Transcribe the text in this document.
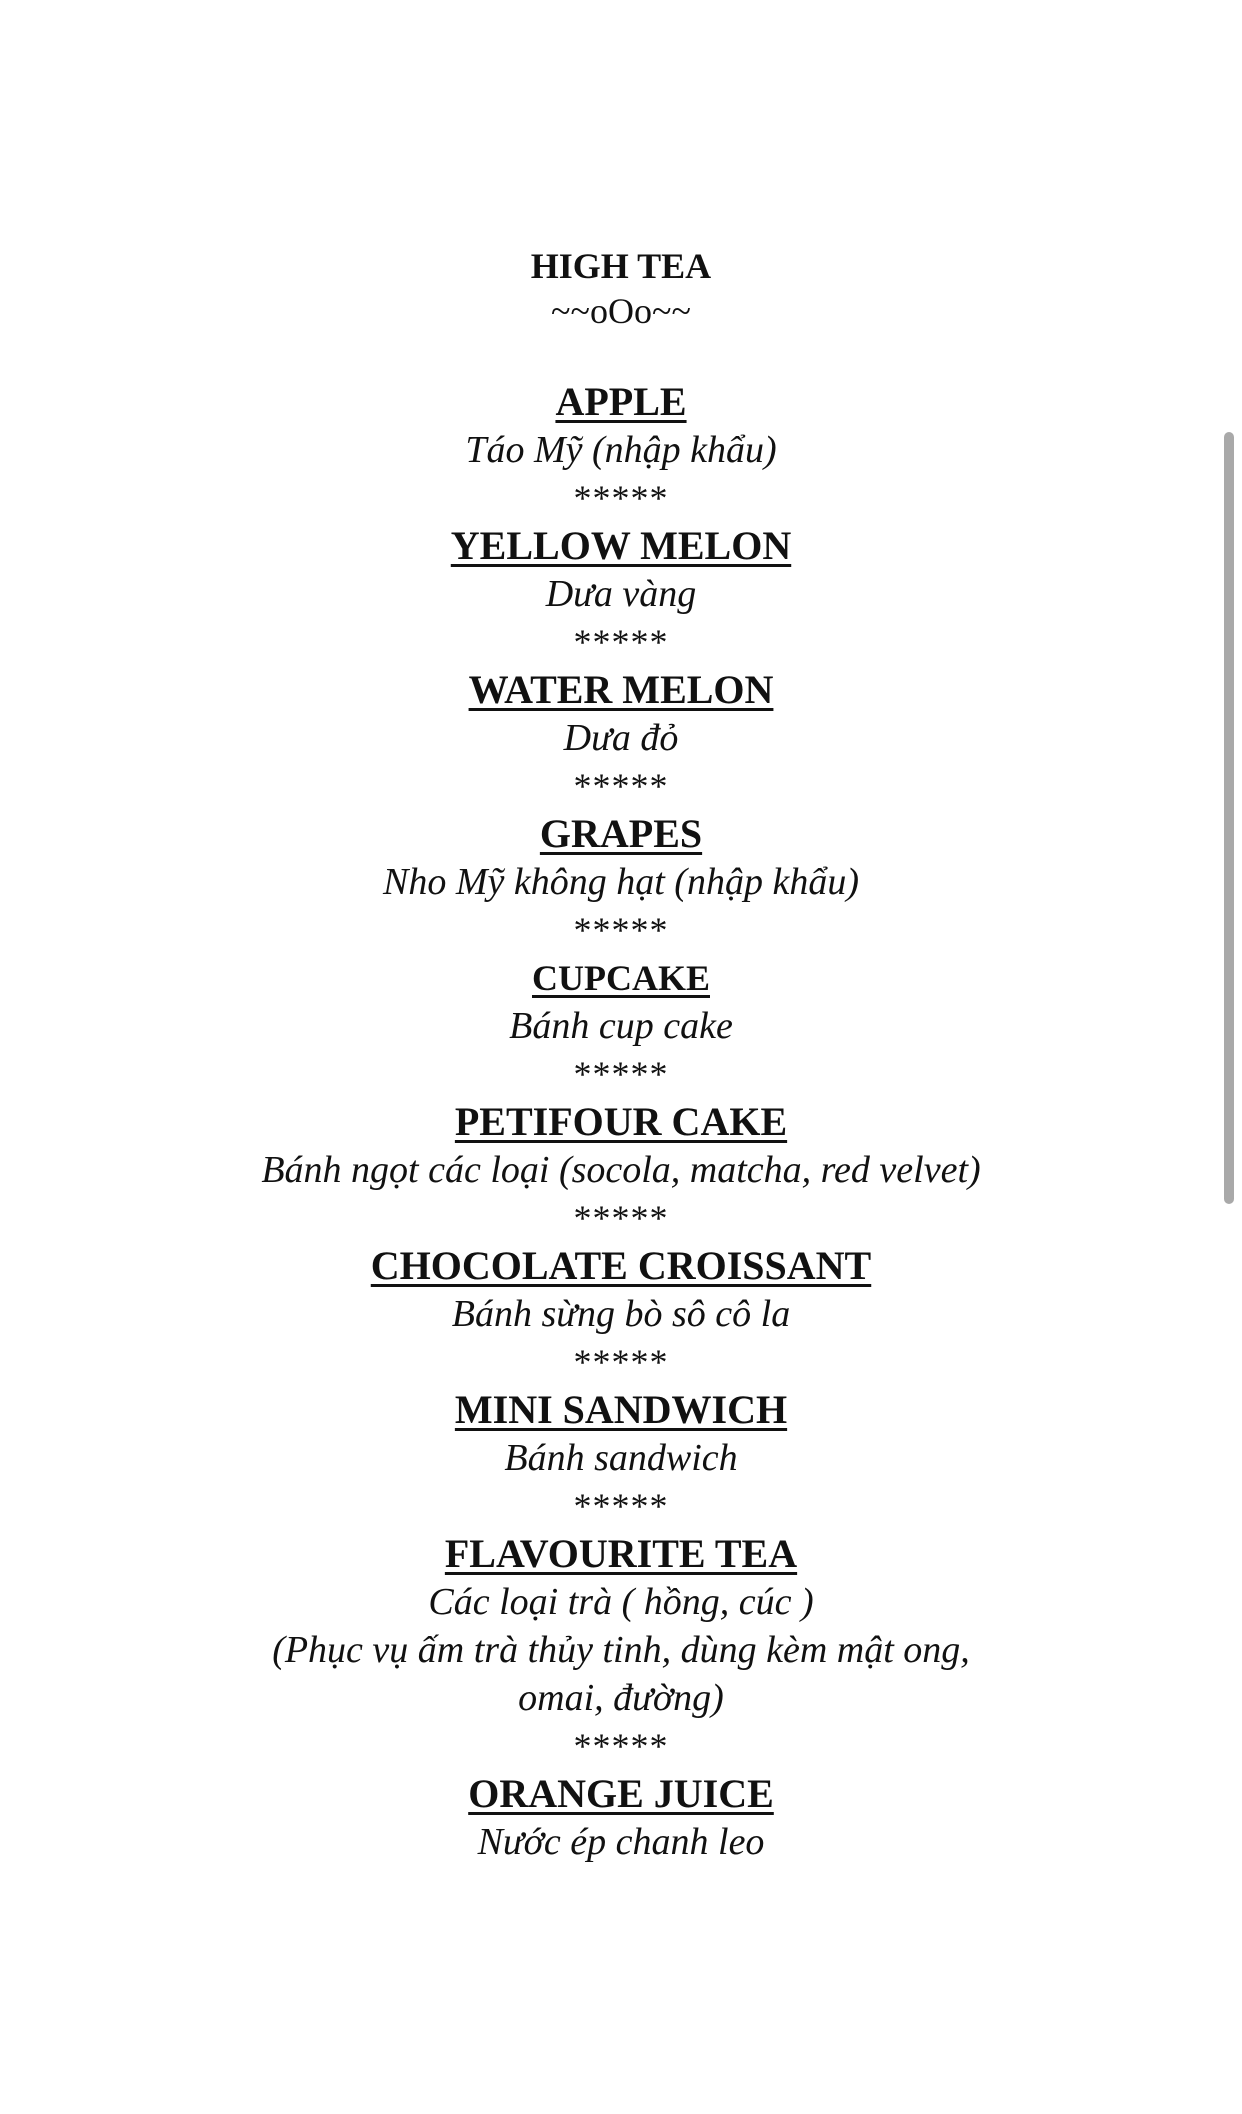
HIGH TEA
~~oOo~~
APPLE
Táo Mỹ (nhập khẩu)
*****
YELLOW MELON
Dưa vàng
*****
WATER MELON
Dưa đỏ
*****
GRAPES
Nho Mỹ không hạt (nhập khẩu)
*****
CUPCAKE
Bánh cup cake
*****
PETIFOUR CAKE
Bánh ngọt các loại (socola, matcha, red velvet)
*****
CHOCOLATE CROISSANT
Bánh sừng bò sô cô la
*****
MINI SANDWICH
Bánh sandwich
*****
FLAVOURITE TEA
Các loại trà ( hồng, cúc )
(Phục vụ ấm trà thủy tinh, dùng kèm mật ong,
omai, đường)
*****
ORANGE JUICE
Nước ép chanh leo
